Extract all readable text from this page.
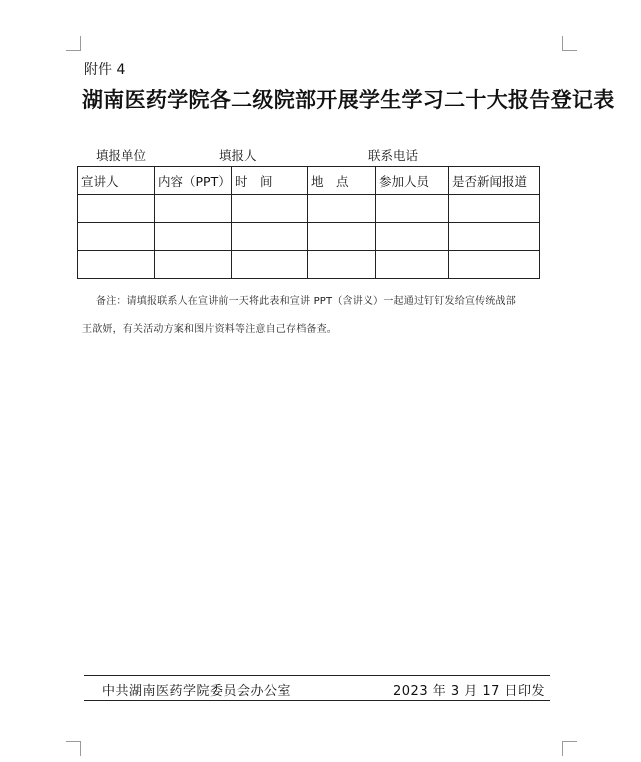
附件 4
湖南医药学院各二级院部开展学生学习二十大报告登记表
填报单位	填报人	联系电话
宣讲人	内容（PPT）	时　间	地　点	参加人员	是否新闻报道

备注：请填报联系人在宣讲前一天将此表和宣讲 PPT（含讲义）一起通过钉钉发给宣传统战部
王歆妍，有关活动方案和图片资料等注意自己存档备查。
中共湖南医药学院委员会办公室	2023 年 3 月 17 日印发
